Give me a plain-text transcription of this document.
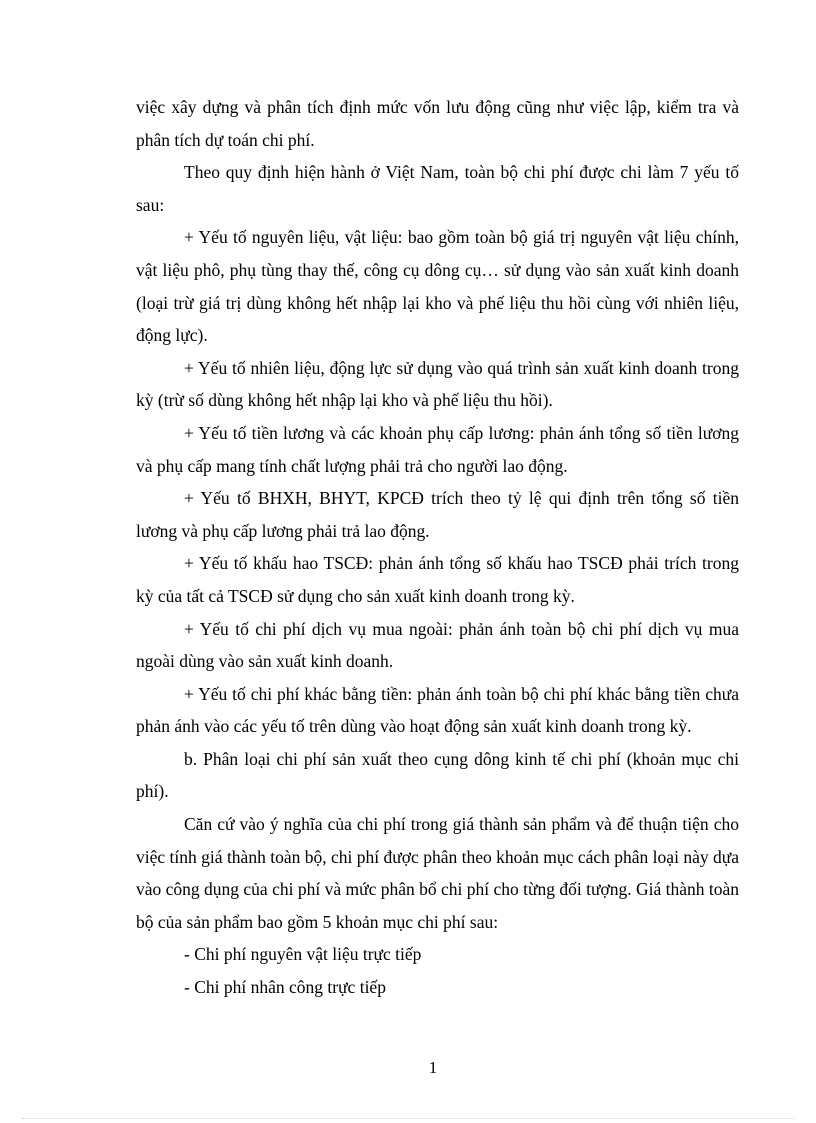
việc xây dựng và phân tích định mức vốn lưu động cũng như việc lập, kiểm tra và phân tích dự toán chi phí.

Theo quy định hiện hành ở Việt Nam, toàn bộ chi phí được chi làm 7 yếu tố sau:

+ Yếu tố nguyên liệu, vật liệu: bao gồm toàn bộ giá trị nguyên vật liệu chính, vật liệu phô, phụ tùng thay thế, công cụ dông cụ… sử dụng vào sản xuất kinh doanh (loại trừ giá trị dùng không hết nhập lại kho và phế liệu thu hồi cùng với nhiên liệu, động lực).

+ Yếu tố nhiên liệu, động lực sử dụng vào quá trình sản xuất kinh doanh trong kỳ (trừ số dùng không hết nhập lại kho và phế liệu thu hồi).

+ Yếu tố tiền lương và các khoản phụ cấp lương: phản ánh tổng số tiền lương và phụ cấp mang tính chất lượng phải trả cho người lao động.

+ Yếu tố BHXH, BHYT, KPCĐ trích theo tỷ lệ qui định trên tổng số tiền lương và phụ cấp lương phải trả lao động.

+ Yếu tố khấu hao TSCĐ: phản ánh tổng số khấu hao TSCĐ phải trích trong kỳ của tất cả TSCĐ sử dụng cho sản xuất kinh doanh trong kỳ.

+ Yếu tố chi phí dịch vụ mua ngoài: phản ánh toàn bộ chi phí dịch vụ mua ngoài dùng vào sản xuất kinh doanh.

+ Yếu tố chi phí khác bằng tiền: phản ánh toàn bộ chi phí khác bằng tiền chưa phản ánh vào các yếu tố trên dùng vào hoạt động sản xuất kinh doanh trong kỳ.

b. Phân loại chi phí sản xuất theo cụng dông kinh tế chi phí (khoản mục chi phí).

Căn cứ vào ý nghĩa của chi phí trong giá thành sản phẩm và để thuận tiện cho việc tính giá thành toàn bộ, chi phí được phân theo khoản mục cách phân loại này dựa vào công dụng của chi phí và mức phân bổ chi phí cho từng đối tượng. Giá thành toàn bộ của sản phẩm bao gồm 5 khoản mục chi phí sau:

- Chi phí nguyên vật liệu trực tiếp

- Chi phí nhân công trực tiếp

1
